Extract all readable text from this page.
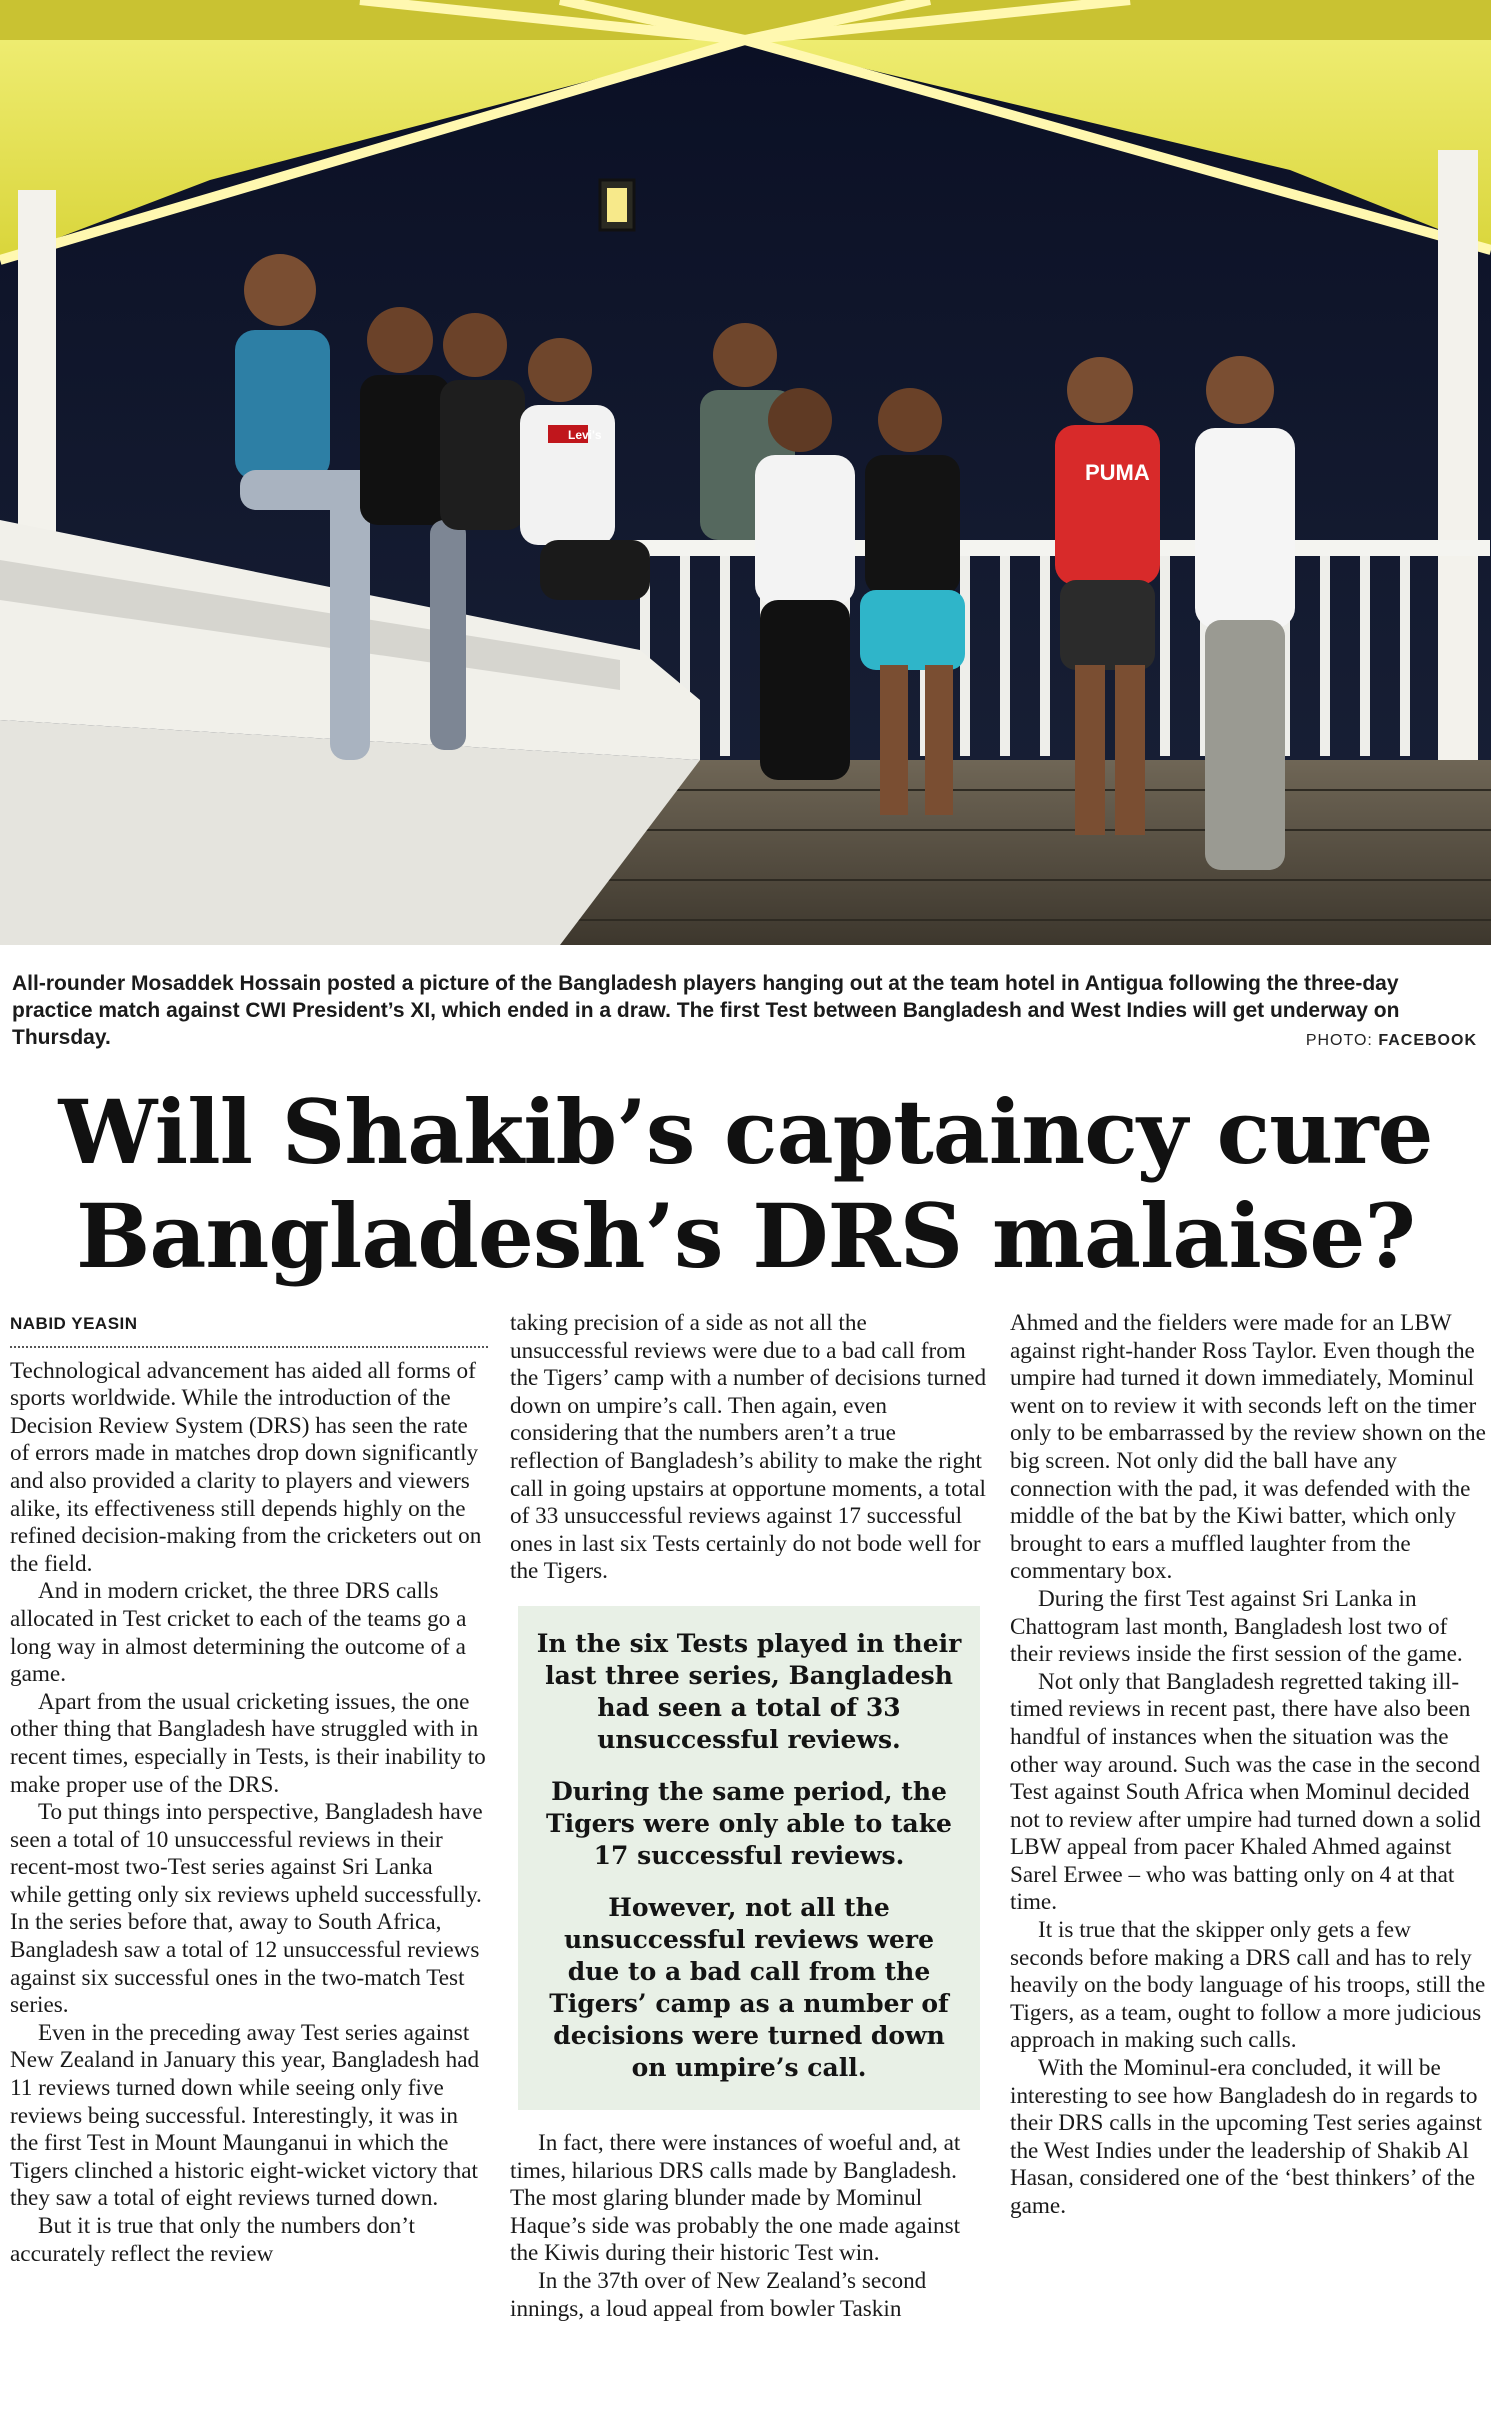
Levi's
PUMA
All-rounder Mosaddek Hossain posted a picture of the Bangladesh players hanging out at the team hotel in Antigua following the three-day practice match against CWI President’s XI, which ended in a draw. The first Test between Bangladesh and West Indies will get underway on Thursday.	PHOTO: FACEBOOK
Will Shakib’s captaincy cure
Bangladesh’s DRS malaise?
NABID YEASIN

Technological advancement has aided all forms of sports worldwide. While the introduction of the Decision Review System (DRS) has seen the rate of errors made in matches drop down significantly and also provided a clarity to players and viewers alike, its effectiveness still depends highly on the refined decision-making from the cricketers out on the field.

And in modern cricket, the three DRS calls allocated in Test cricket to each of the teams go a long way in almost determining the outcome of a game.

Apart from the usual cricketing issues, the one other thing that Bangladesh have struggled with in recent times, especially in Tests, is their inability to make proper use of the DRS.

To put things into perspective, Bangladesh have seen a total of 10 unsuccessful reviews in their recent-most two-Test series against Sri Lanka while getting only six reviews upheld successfully. In the series before that, away to South Africa, Bangladesh saw a total of 12 unsuccessful reviews against six successful ones in the two-match Test series.

Even in the preceding away Test series against New Zealand in January this year, Bangladesh had 11 reviews turned down while seeing only five reviews being successful. Interestingly, it was in the first Test in Mount Maunganui in which the Tigers clinched a historic eight-wicket victory that they saw a total of eight reviews turned down.

But it is true that only the numbers don’t accurately reflect the review

taking precision of a side as not all the unsuccessful reviews were due to a bad call from the Tigers’ camp with a number of decisions turned down on umpire’s call. Then again, even considering that the numbers aren’t a true reflection of Bangladesh’s ability to make the right call in going upstairs at opportune moments, a total of 33 unsuccessful reviews against 17 successful ones in last six Tests certainly do not bode well for the Tigers.

In the six Tests played in their last three series, Bangladesh had seen a total of 33 unsuccessful reviews.

During the same period, the Tigers were only able to take 17 successful reviews.

However, not all the unsuccessful reviews were due to a bad call from the Tigers’ camp as a number of decisions were turned down on umpire’s call.

In fact, there were instances of woeful and, at times, hilarious DRS calls made by Bangladesh. The most glaring blunder made by Mominul Haque’s side was probably the one made against the Kiwis during their historic Test win.

In the 37th over of New Zealand’s second innings, a loud appeal from bowler Taskin

Ahmed and the fielders were made for an LBW against right-hander Ross Taylor. Even though the umpire had turned it down immediately, Mominul went on to review it with seconds left on the timer only to be embarrassed by the review shown on the big screen. Not only did the ball have any connection with the pad, it was defended with the middle of the bat by the Kiwi batter, which only brought to ears a muffled laughter from the commentary box.

During the first Test against Sri Lanka in Chattogram last month, Bangladesh lost two of their reviews inside the first session of the game.

Not only that Bangladesh regretted taking ill-timed reviews in recent past, there have also been handful of instances when the situation was the other way around. Such was the case in the second Test against South Africa when Mominul decided not to review after umpire had turned down a solid LBW appeal from pacer Khaled Ahmed against Sarel Erwee – who was batting only on 4 at that time.

It is true that the skipper only gets a few seconds before making a DRS call and has to rely heavily on the body language of his troops, still the Tigers, as a team, ought to follow a more judicious approach in making such calls.

With the Mominul-era concluded, it will be interesting to see how Bangladesh do in regards to their DRS calls in the upcoming Test series against the West Indies under the leadership of Shakib Al Hasan, considered one of the ‘best thinkers’ of the game.
